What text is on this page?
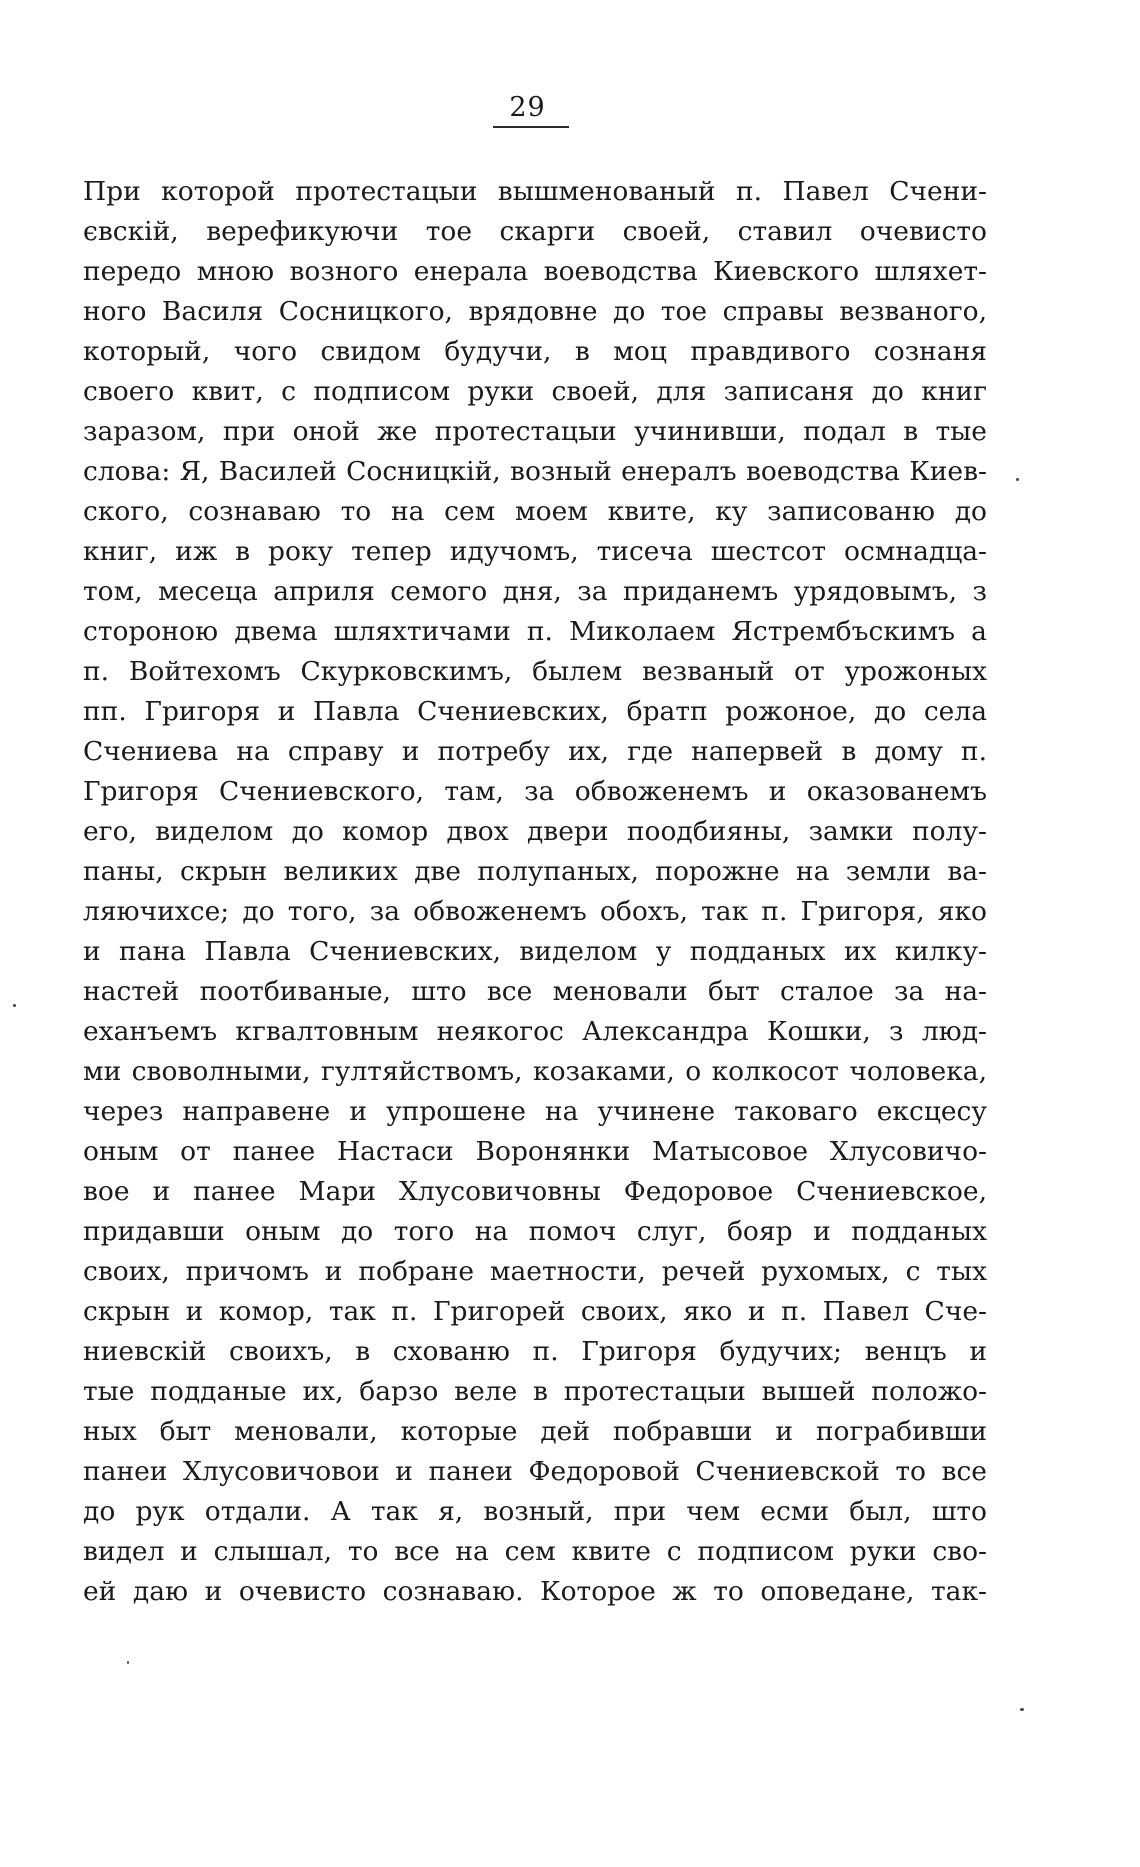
29
При которой протестацыи вышменованый п. Павел Счени-
євскій, верефикуючи тое скарги своей, ставил очевисто
передо мною возного енерала воеводства Киевского шляхет-
ного Василя Сосницкого, врядовне до тое справы везваного,
который, чого свидом будучи, в моц правдивого сознаня
своего квит, с подписом руки своей, для записаня до книг
заразом, при оной же протестацыи учинивши, подал в тые
слова: Я, Василей Сосницкій, возный енералъ воеводства Киев-
ского, сознаваю то на сем моем квите, ку записованю до
книг, иж в року тепер идучомъ, тисеча шестсот осмнадца-
том, месеца априля семого дня, за приданемъ урядовымъ, з
стороною двема шляхтичами п. Миколаем Ястрембъскимъ а
п. Войтехомъ Скурковскимъ, былем везваный от урожоных
пп. Григоря и Павла Счениевских, братп рожоное, до села
Счениева на справу и потребу их, где напервей в дому п.
Григоря Счениевского, там, за обвоженемъ и оказованемъ
его, виделом до комор двох двери поодбияны, замки полу-
паны, скрын великих две полупаных, порожне на земли ва-
ляючихсе; до того, за обвоженемъ обохъ, так п. Григоря, яко
и пана Павла Счениевских, виделом у подданых их килку-
настей поотбиваные, што все меновали быт сталое за на-
еханъемъ кгвалтовным неякогос Александра Кошки, з люд-
ми своволными, гултяйствомъ, козаками, о колкосот чоловека,
через направене и упрошене на учинене таковаго ексцесу
оным от панее Настаси Воронянки Матысовое Хлусовичо-
вое и панее Мари Хлусовичовны Федоровое Счениевское,
придавши оным до того на помоч слуг, бояр и подданых
своих, причомъ и побране маетности, речей рухомых, с тых
скрын и комор, так п. Григорей своих, яко и п. Павел Сче-
ниевскій своихъ, в схованю п. Григоря будучих; венцъ и
тые подданые их, барзо веле в протестацыи вышей положо-
ных быт меновали, которые дей побравши и пограбивши
панеи Хлусовичовои и панеи Федоровой Счениевской то все
до рук отдали. А так я, возный, при чем есми был, што
видел и слышал, то все на сем квите с подписом руки сво-
ей даю и очевисто сознаваю. Которое ж то оповедане, так-
